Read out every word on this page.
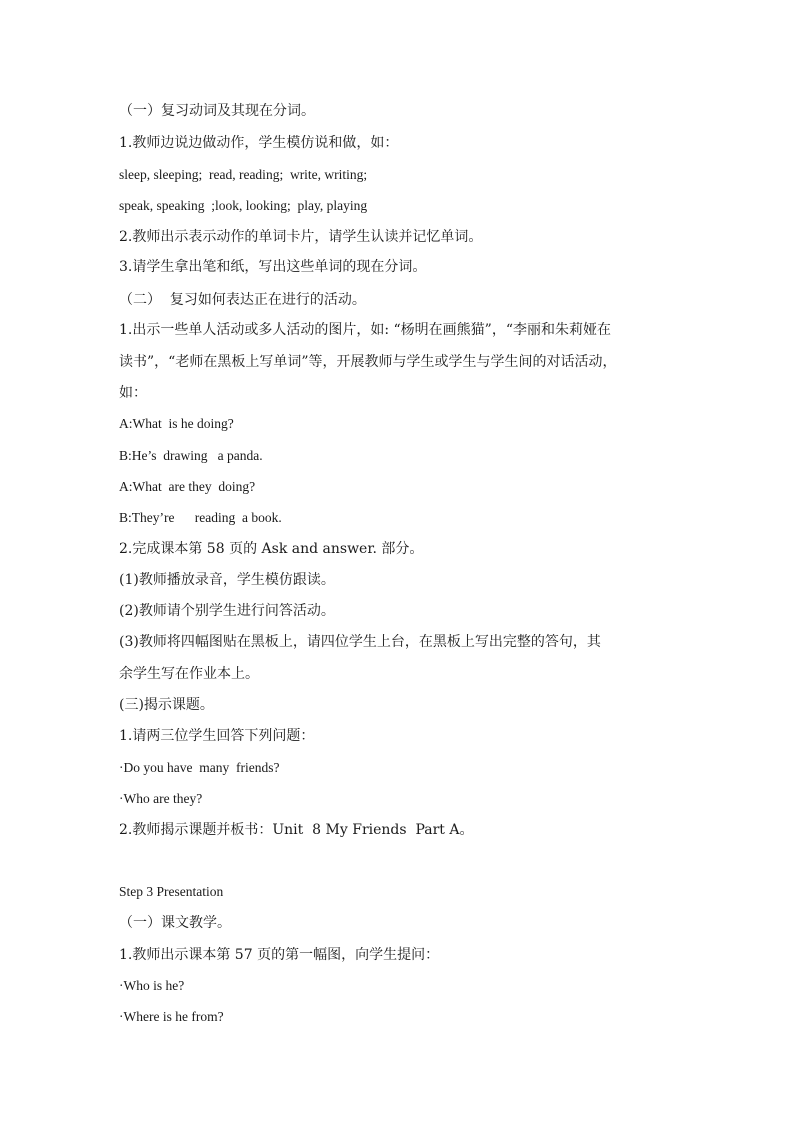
（一）复习动词及其现在分词。
1.教师边说边做动作，学生模仿说和做，如：
sleep, sleeping;  read, reading;  write, writing;
speak, speaking  ;look, looking;  play, playing
2.教师出示表示动作的单词卡片，请学生认读并记忆单词。
3.请学生拿出笔和纸，写出这些单词的现在分词。
（二）  复习如何表达正在进行的活动。
1.出示一些单人活动或多人活动的图片，如: “杨明在画熊猫”，“李丽和朱莉娅在
读书”，“老师在黑板上写单词”等，开展教师与学生或学生与学生间的对话活动，
如：
A:What  is he doing?
B:He’s  drawing   a panda.
A:What  are they  doing?
B:They’re      reading  a book.
2.完成课本第 58 页的 Ask and answer. 部分。
(1)教师播放录音，学生模仿跟读。
(2)教师请个别学生进行问答活动。
(3)教师将四幅图贴在黑板上，请四位学生上台，在黑板上写出完整的答句，其
余学生写在作业本上。
(三)揭示课题。
1.请两三位学生回答下列问题：
·Do you have  many  friends?
·Who are they?
2.教师揭示课题并板书：Unit  8 My Friends  Part A。
Step 3 Presentation
（一）课文教学。
1.教师出示课本第 57 页的第一幅图，向学生提问：
·Who is he?
·Where is he from?
